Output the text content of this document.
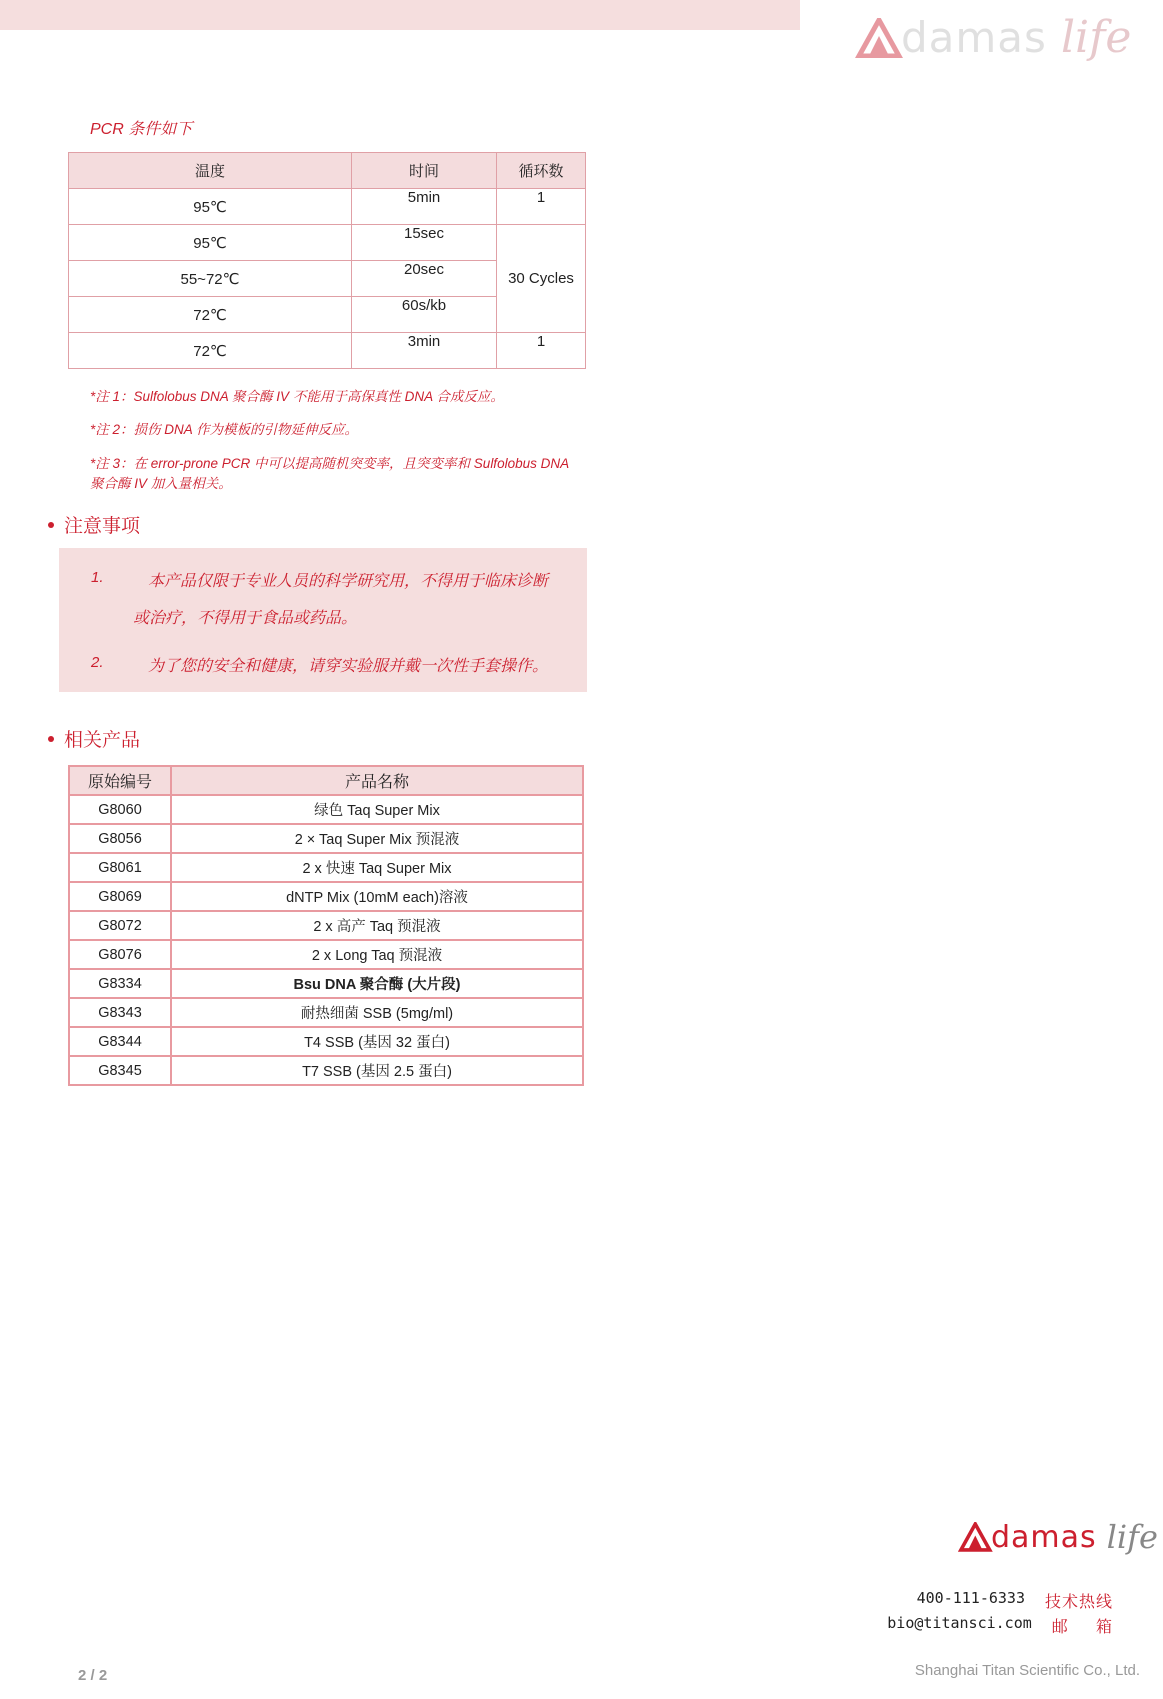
damas life
PCR 条件如下
温度	时间	循环数
95℃	5min	1
95℃	15sec	30 Cycles
55~72℃	20sec	
72℃	60s/kb	
72℃	3min	1
*注 1：Sulfolobus DNA 聚合酶 IV 不能用于高保真性 DNA 合成反应。
*注 2：损伤 DNA 作为模板的引物延伸反应。
*注 3：在 error-prone PCR 中可以提高随机突变率，且突变率和 Sulfolobus DNA
聚合酶 IV 加入量相关。
注意事项
1.	本产品仅限于专业人员的科学研究用，不得用于临床诊断
或治疗，不得用于食品或药品。
2.	为了您的安全和健康，请穿实验服并戴一次性手套操作。
相关产品
原始编号	产品名称
G8060	绿色 Taq Super Mix
G8056	2 × Taq Super Mix 预混液
G8061	2 x 快速 Taq Super Mix
G8069	dNTP Mix (10mM each)溶液
G8072	2 x 高产 Taq 预混液
G8076	2 x Long Taq 预混液
G8334	Bsu DNA 聚合酶 (大片段)
G8343	耐热细菌 SSB (5mg/ml)
G8344	T4 SSB (基因 32 蛋白)
G8345	T7 SSB (基因 2.5 蛋白)
damas life
400-111-6333 技术热线
bio@titansci.com 邮     箱
2 / 2	Shanghai Titan Scientific Co., Ltd.
